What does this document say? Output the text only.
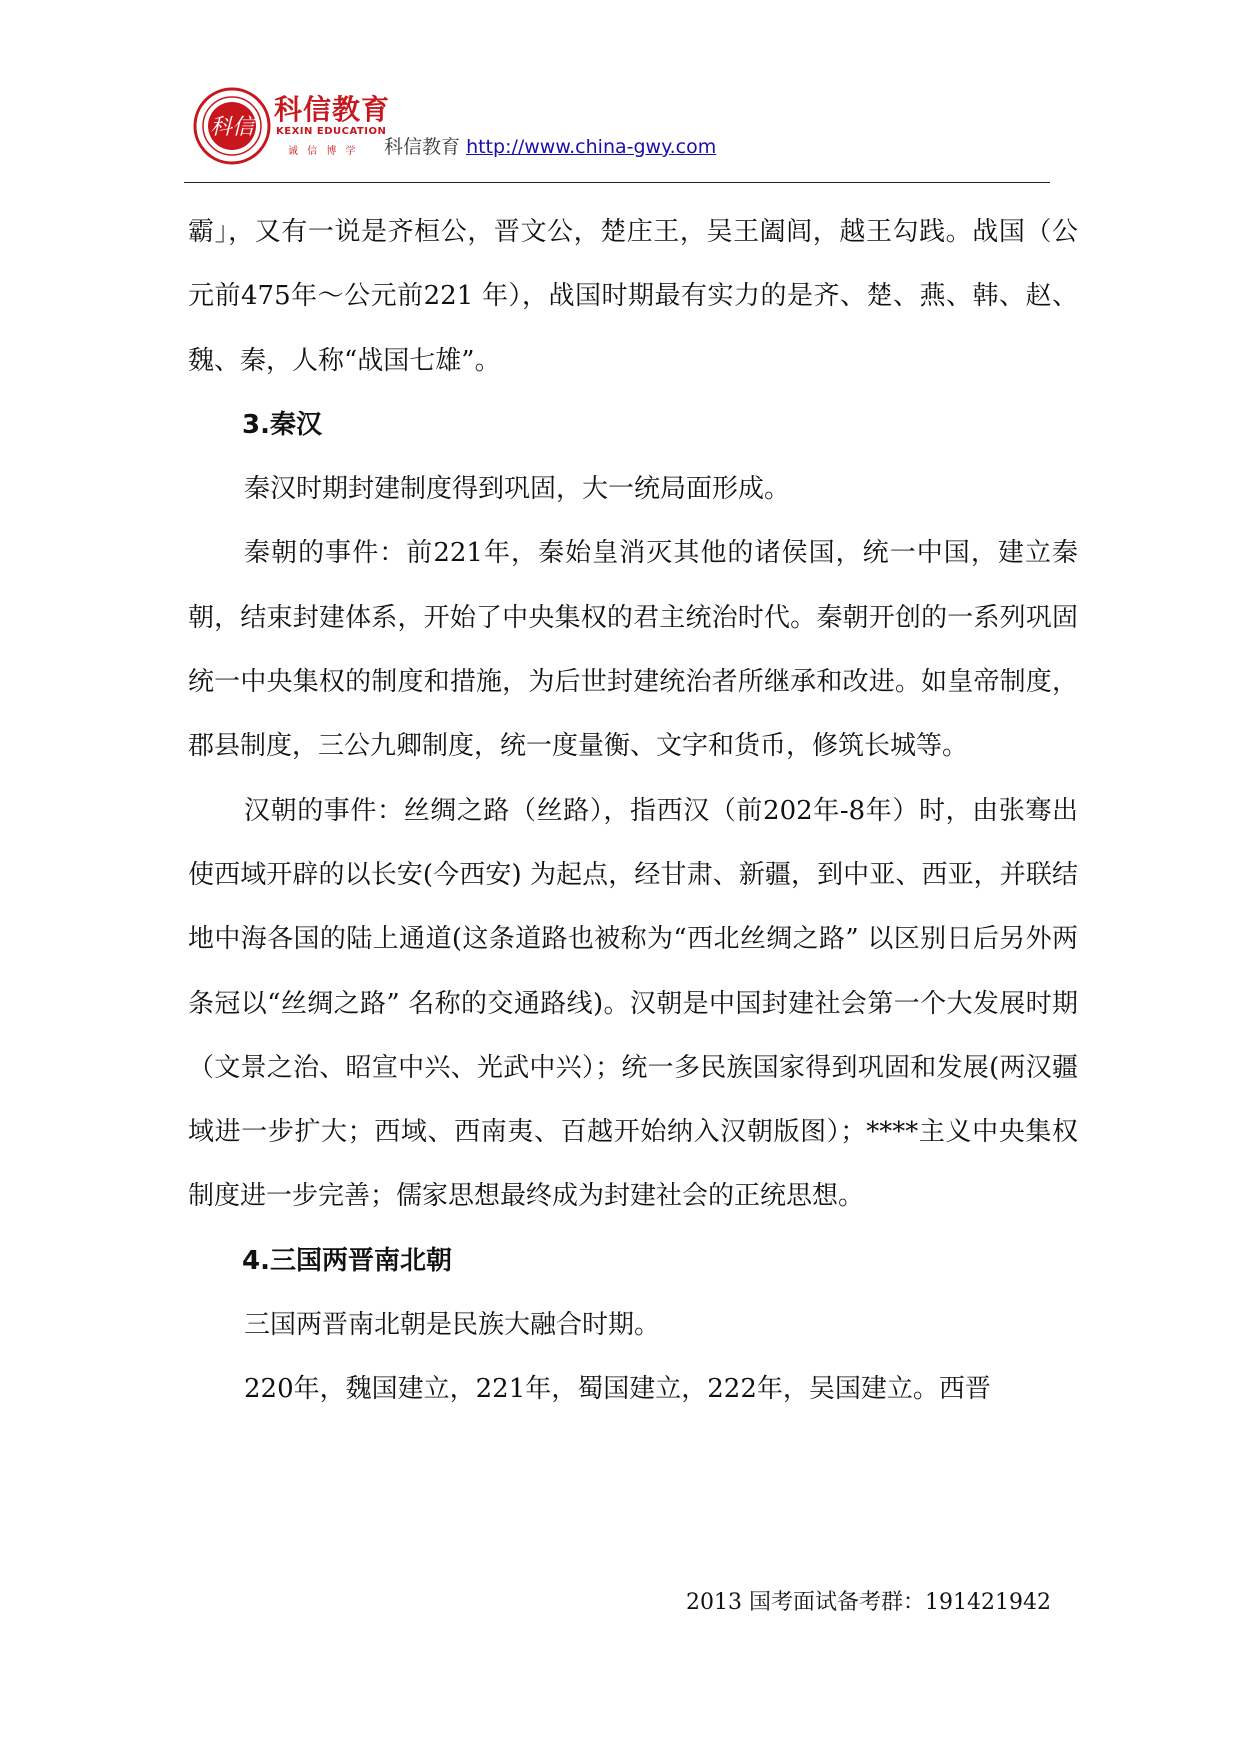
科信
科信教育
KEXIN EDUCATION
诚 信 博 学 科信教育 http://www.china-gwy.com

霸」，又有一说是齐桓公，晋文公，楚庄王，吴王阖闾，越王勾践。战国（公元前475年～公元前221 年），战国时期最有实力的是齐、楚、燕、韩、赵、魏、秦，人称“战国七雄”。

3.秦汉

秦汉时期封建制度得到巩固，大一统局面形成。

秦朝的事件：前221年，秦始皇消灭其他的诸侯国，统一中国，建立秦朝，结束封建体系，开始了中央集权的君主统治时代。秦朝开创的一系列巩固统一中央集权的制度和措施，为后世封建统治者所继承和改进。如皇帝制度，郡县制度，三公九卿制度，统一度量衡、文字和货币，修筑长城等。

汉朝的事件：丝绸之路（丝路），指西汉（前202年-8年）时，由张骞出使西域开辟的以长安(今西安) 为起点，经甘肃、新疆，到中亚、西亚，并联结地中海各国的陆上通道(这条道路也被称为“西北丝绸之路” 以区别日后另外两条冠以“丝绸之路” 名称的交通路线)。汉朝是中国封建社会第一个大发展时期（文景之治、昭宣中兴、光武中兴）；统一多民族国家得到巩固和发展(两汉疆域进一步扩大；西域、西南夷、百越开始纳入汉朝版图）；****主义中央集权制度进一步完善；儒家思想最终成为封建社会的正统思想。

4.三国两晋南北朝

三国两晋南北朝是民族大融合时期。

220年，魏国建立，221年，蜀国建立，222年，吴国建立。西晋

2013 国考面试备考群：191421942
